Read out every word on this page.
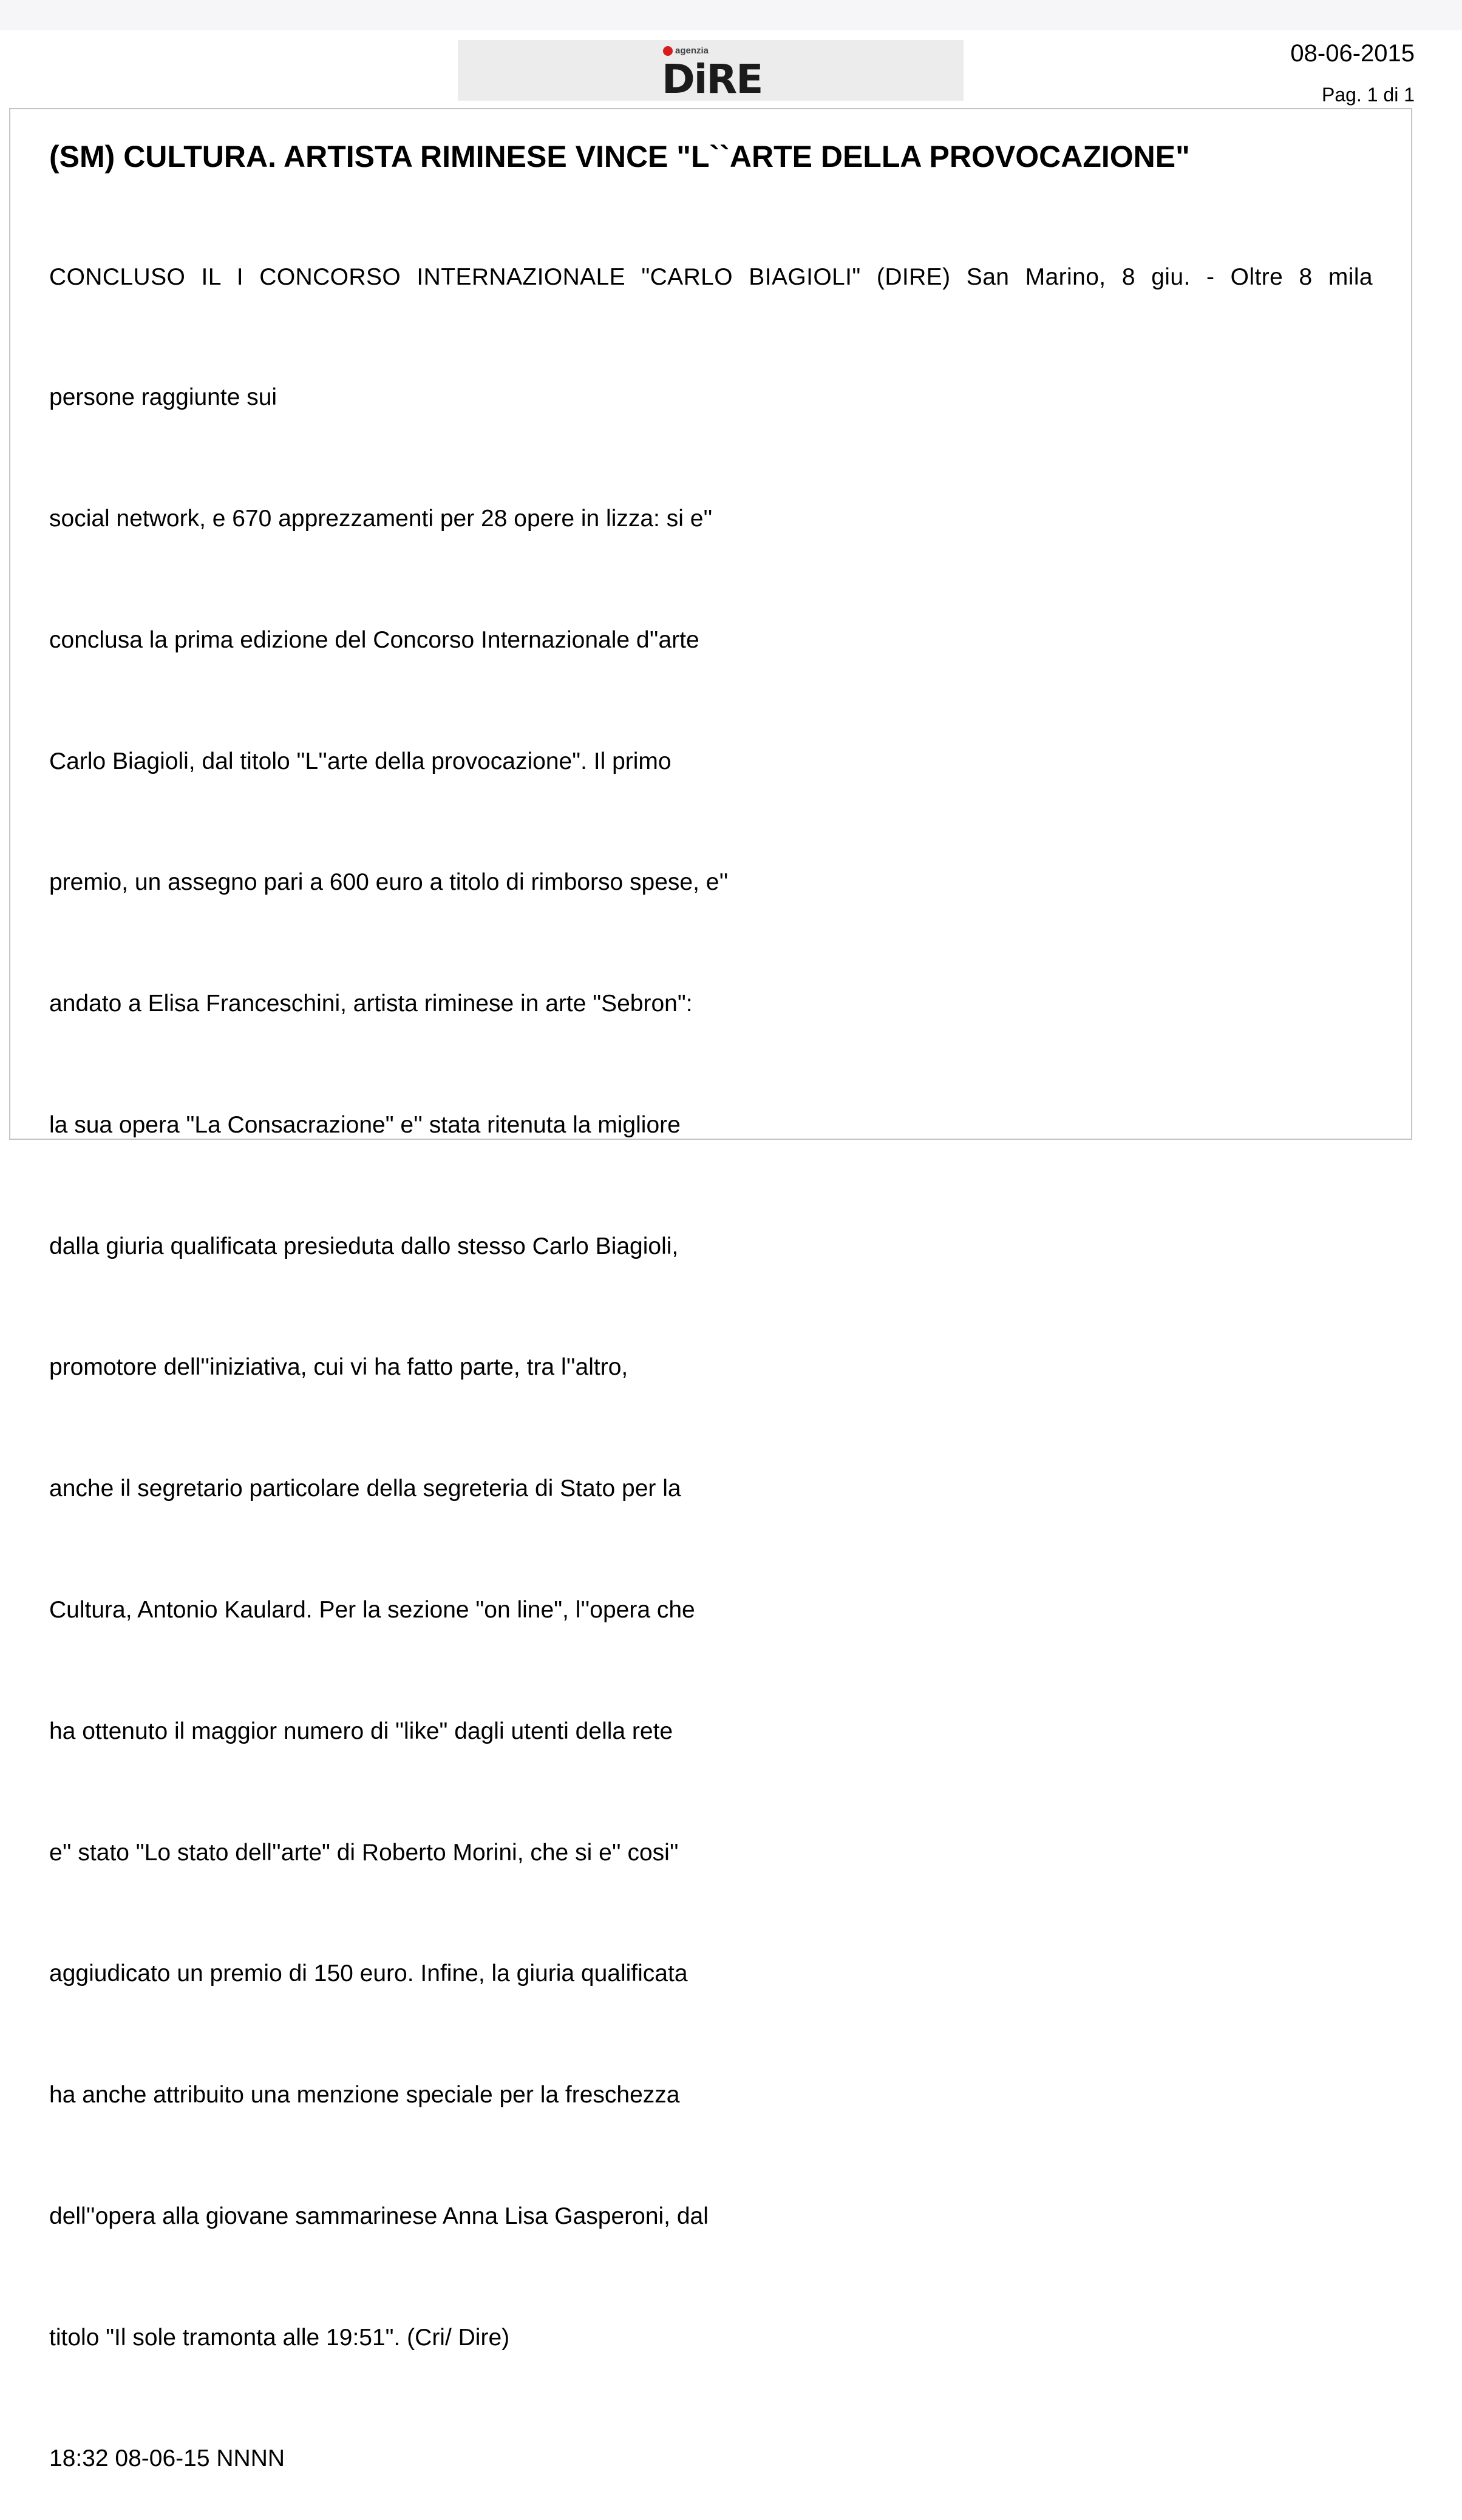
agenzia
DiRE
08-06-2015
Pag. 1 di 1
(SM) CULTURA. ARTISTA RIMINESE VINCE "L``ARTE DELLA PROVOCAZIONE"
CONCLUSO IL I CONCORSO INTERNAZIONALE "CARLO BIAGIOLI" (DIRE) San Marino, 8 giu. - Oltre 8 mila

persone raggiunte sui

social network, e 670 apprezzamenti per 28 opere in lizza: si e''

conclusa la prima edizione del Concorso Internazionale d''arte

Carlo Biagioli, dal titolo "L''arte della provocazione". Il primo

premio, un assegno pari a 600 euro a titolo di rimborso spese, e''

andato a Elisa Franceschini, artista riminese in arte "Sebron":

la sua opera "La Consacrazione" e'' stata ritenuta la migliore

dalla giuria qualificata presieduta dallo stesso Carlo Biagioli,

promotore dell''iniziativa, cui vi ha fatto parte, tra l''altro,

anche il segretario particolare della segreteria di Stato per la

Cultura, Antonio Kaulard. Per la sezione "on line", l''opera che

ha ottenuto il maggior numero di "like" dagli utenti della rete

e'' stato "Lo stato dell''arte" di Roberto Morini, che si e'' cosi''

aggiudicato un premio di 150 euro. Infine, la giuria qualificata

ha anche attribuito una menzione speciale per la freschezza

dell''opera alla giovane sammarinese Anna Lisa Gasperoni, dal

titolo "Il sole tramonta alle 19:51". (Cri/ Dire)

18:32 08-06-15 NNNN
